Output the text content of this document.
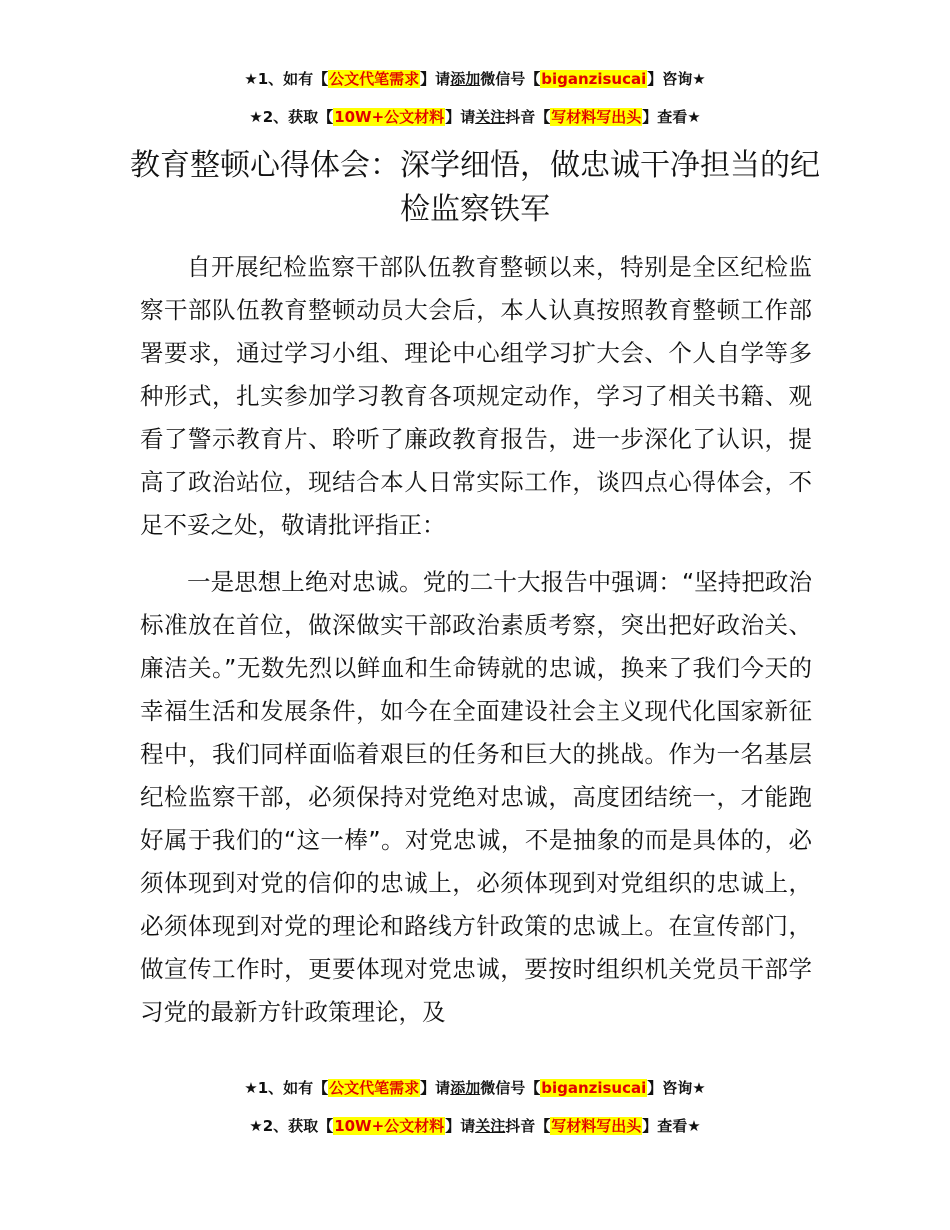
★1、如有【公文代笔需求】请添加微信号【biganzisucai】咨询★
★2、获取【10W+公文材料】请关注抖音【写材料写出头】查看★
教育整顿心得体会：深学细悟，做忠诚干净担当的纪检监察铁军

自开展纪检监察干部队伍教育整顿以来，特别是全区纪检监察干部队伍教育整顿动员大会后，本人认真按照教育整顿工作部署要求，通过学习小组、理论中心组学习扩大会、个人自学等多种形式，扎实参加学习教育各项规定动作，学习了相关书籍、观看了警示教育片、聆听了廉政教育报告，进一步深化了认识，提高了政治站位，现结合本人日常实际工作，谈四点心得体会，不足不妥之处，敬请批评指正：

一是思想上绝对忠诚。党的二十大报告中强调：“坚持把政治标准放在首位，做深做实干部政治素质考察，突出把好政治关、廉洁关。”无数先烈以鲜血和生命铸就的忠诚，换来了我们今天的幸福生活和发展条件，如今在全面建设社会主义现代化国家新征程中，我们同样面临着艰巨的任务和巨大的挑战。作为一名基层纪检监察干部，必须保持对党绝对忠诚，高度团结统一，才能跑好属于我们的“这一棒”。对党忠诚，不是抽象的而是具体的，必须体现到对党的信仰的忠诚上，必须体现到对党组织的忠诚上，必须体现到对党的理论和路线方针政策的忠诚上。在宣传部门，做宣传工作时，更要体现对党忠诚，要按时组织机关党员干部学习党的最新方针政策理论，及

★1、如有【公文代笔需求】请添加微信号【biganzisucai】咨询★
★2、获取【10W+公文材料】请关注抖音【写材料写出头】查看★
